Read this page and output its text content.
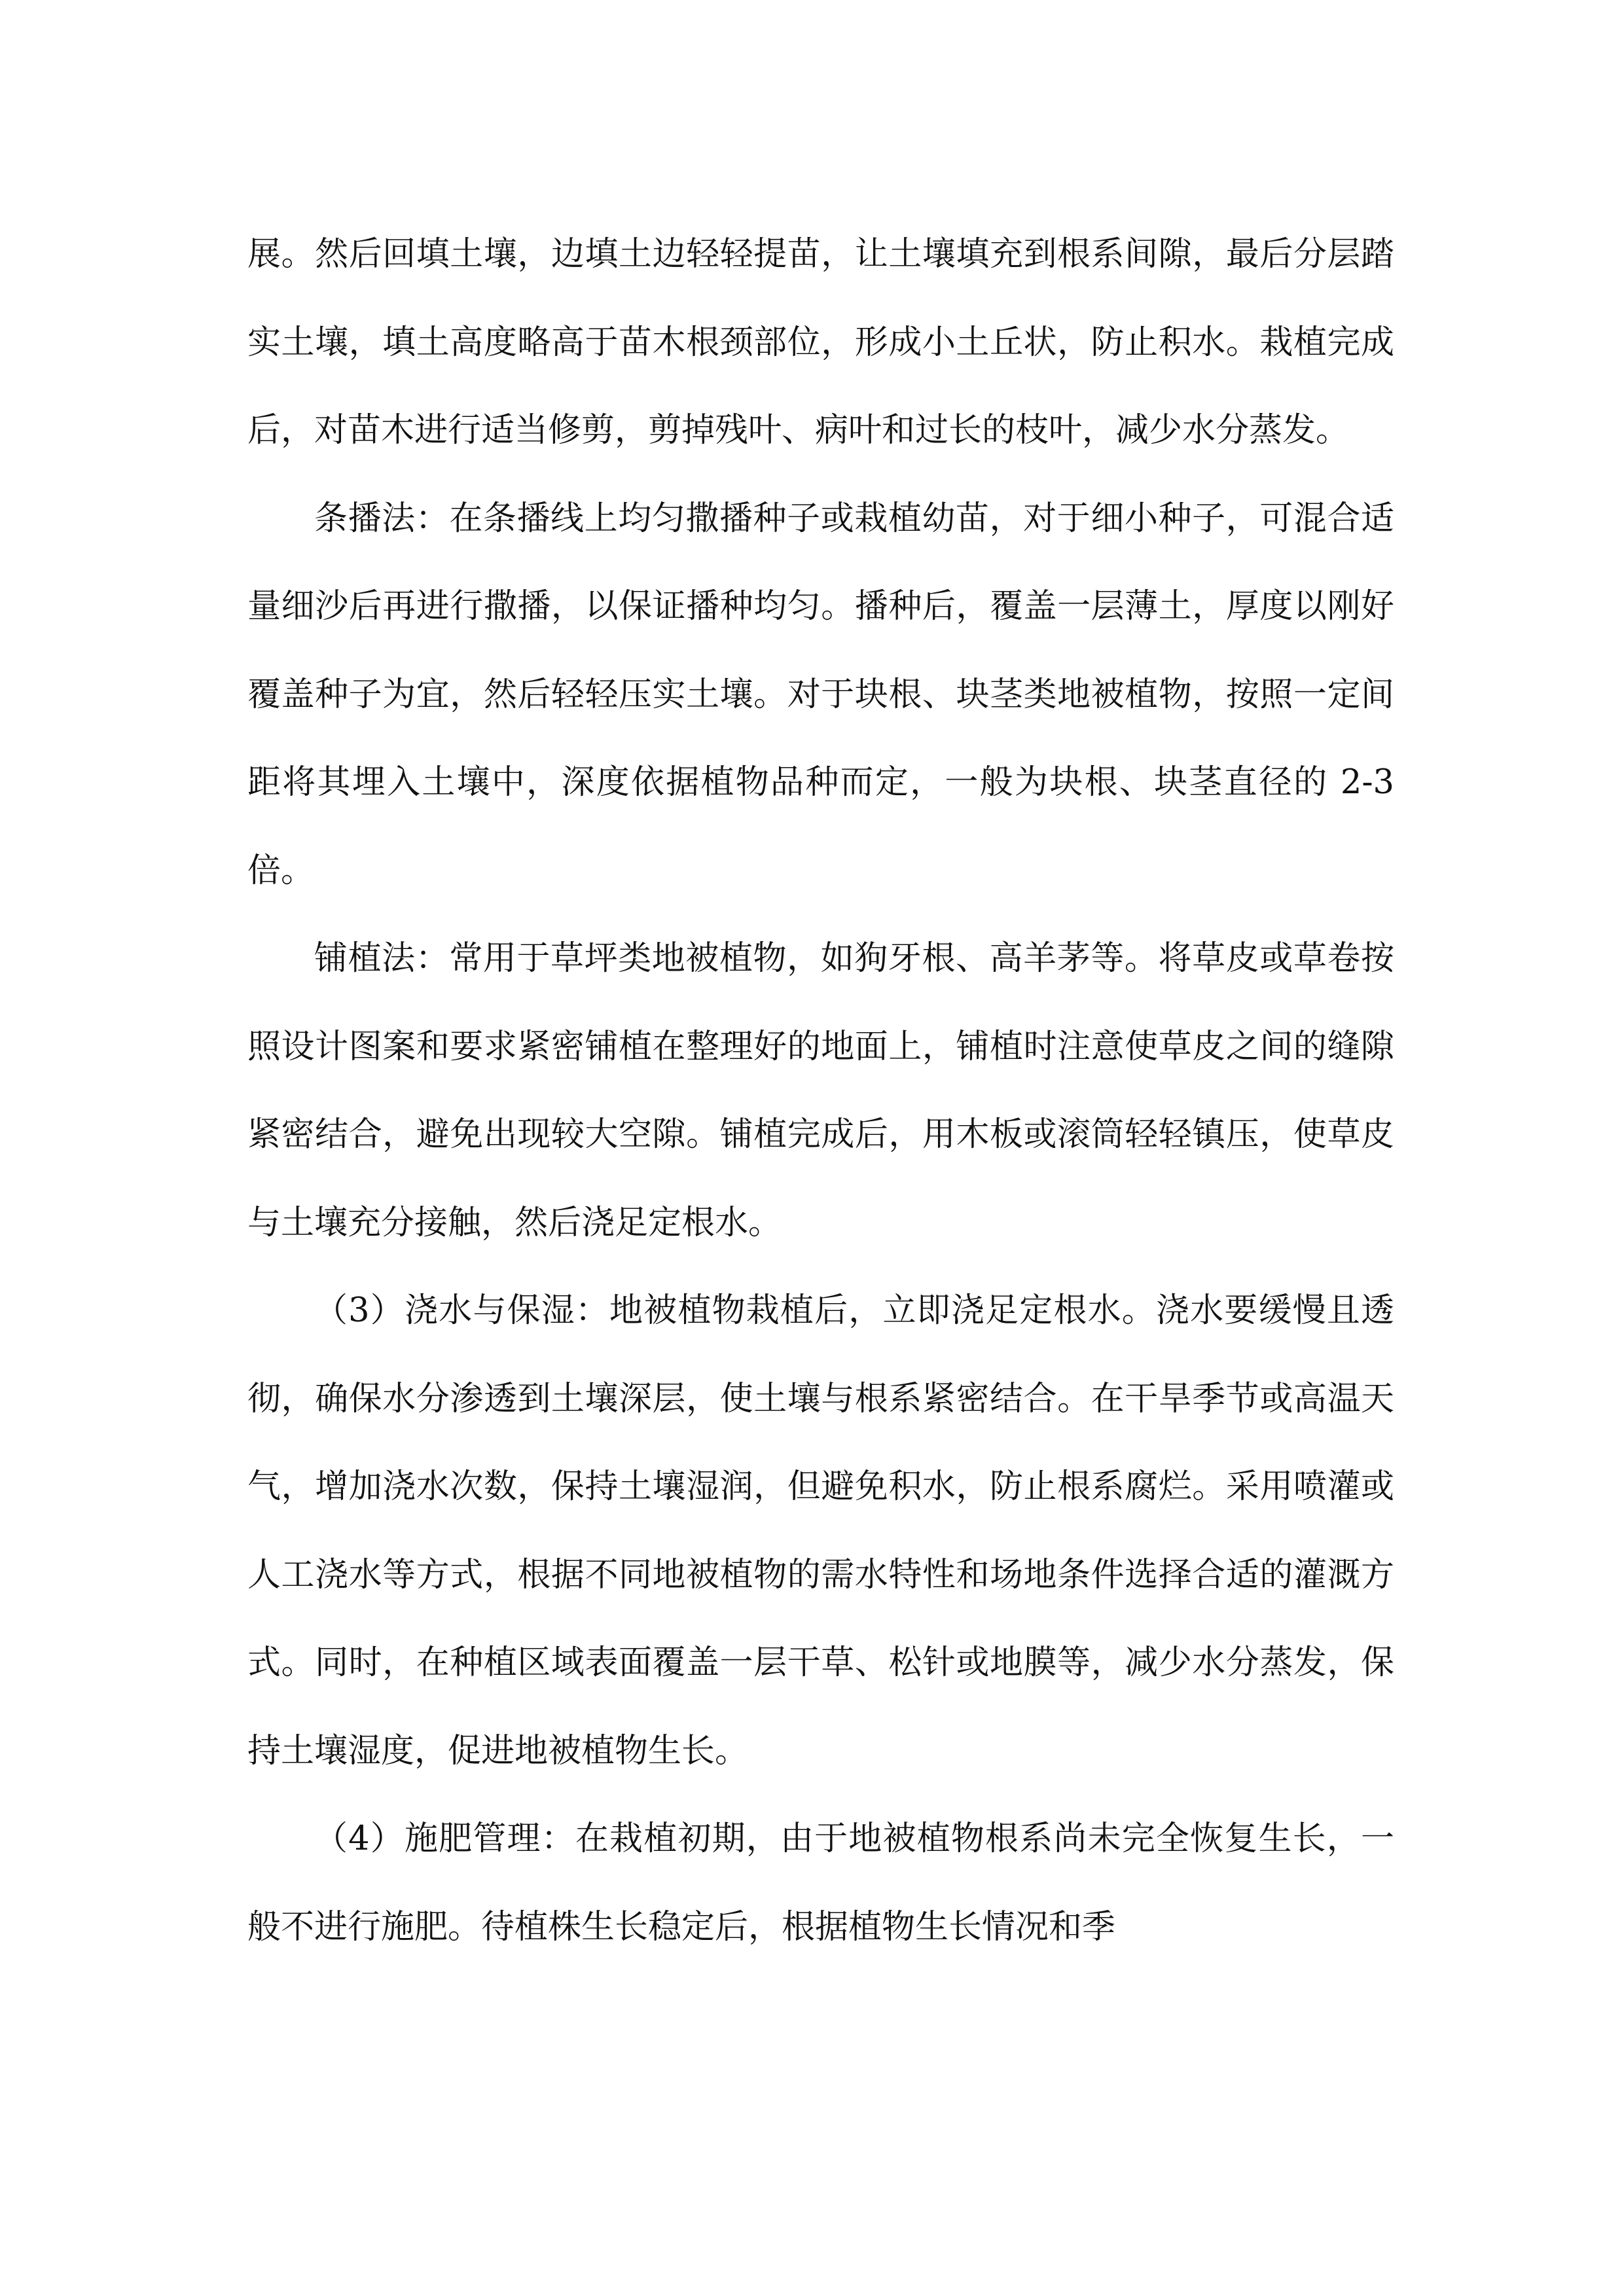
展。然后回填土壤，边填土边轻轻提苗，让土壤填充到根系间隙，最后分层踏实土壤，填土高度略高于苗木根颈部位，形成小土丘状，防止积水。栽植完成后，对苗木进行适当修剪，剪掉残叶、病叶和过长的枝叶，减少水分蒸发。

条播法：在条播线上均匀撒播种子或栽植幼苗，对于细小种子，可混合适量细沙后再进行撒播，以保证播种均匀。播种后，覆盖一层薄土，厚度以刚好覆盖种子为宜，然后轻轻压实土壤。对于块根、块茎类地被植物，按照一定间距将其埋入土壤中，深度依据植物品种而定，一般为块根、块茎直径的 2-3 倍。

铺植法：常用于草坪类地被植物，如狗牙根、高羊茅等。将草皮或草卷按照设计图案和要求紧密铺植在整理好的地面上，铺植时注意使草皮之间的缝隙紧密结合，避免出现较大空隙。铺植完成后，用木板或滚筒轻轻镇压，使草皮与土壤充分接触，然后浇足定根水。

（3）浇水与保湿：地被植物栽植后，立即浇足定根水。浇水要缓慢且透彻，确保水分渗透到土壤深层，使土壤与根系紧密结合。在干旱季节或高温天气，增加浇水次数，保持土壤湿润，但避免积水，防止根系腐烂。采用喷灌或人工浇水等方式，根据不同地被植物的需水特性和场地条件选择合适的灌溉方式。同时，在种植区域表面覆盖一层干草、松针或地膜等，减少水分蒸发，保持土壤湿度，促进地被植物生长。

（4）施肥管理：在栽植初期，由于地被植物根系尚未完全恢复生长，一般不进行施肥。待植株生长稳定后，根据植物生长情况和季
